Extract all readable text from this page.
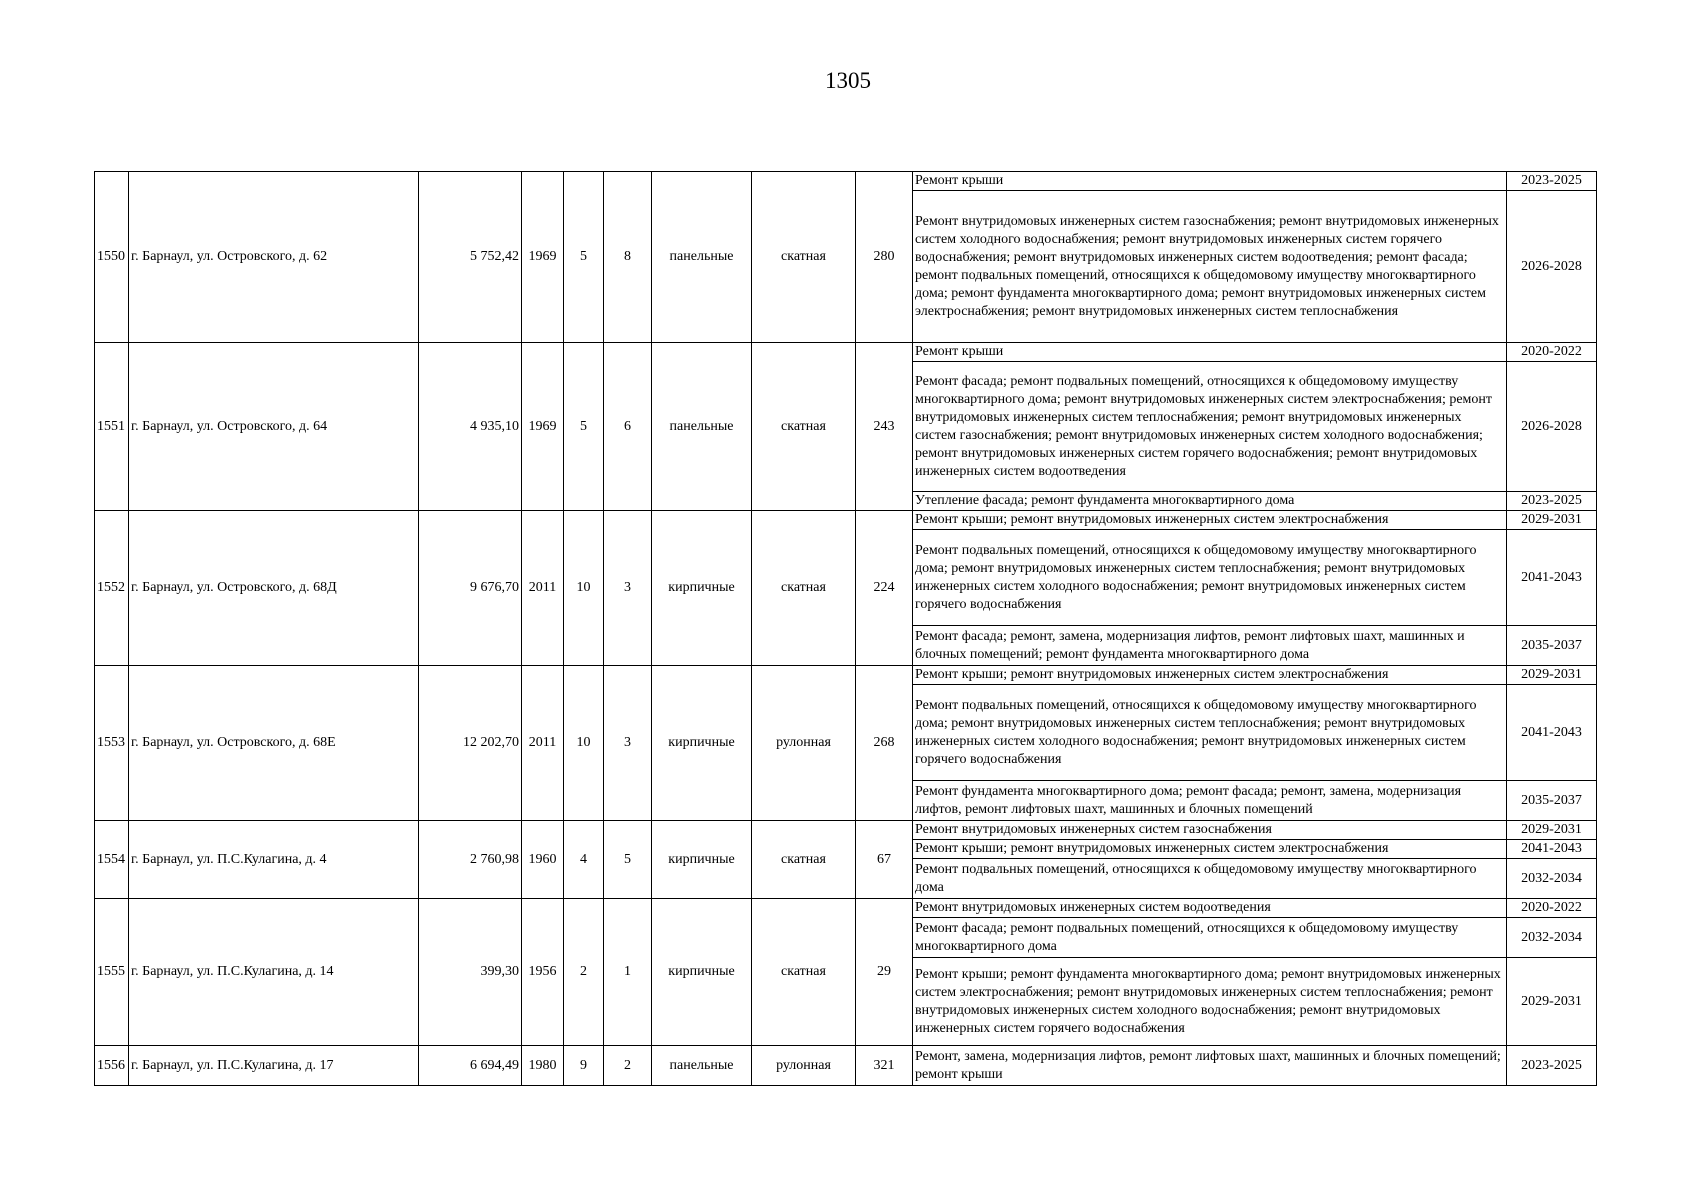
1305
1550	г. Барнаул, ул. Островского, д. 62	5 752,42	1969	5	8	панельные	скатная	280	Ремонт крыши	2023-2025
									Ремонт внутридомовых инженерных систем газоснабжения; ремонт внутридомовых инженерных систем холодного водоснабжения; ремонт внутридомовых инженерных систем горячего водоснабжения; ремонт внутридомовых инженерных систем водоотведения; ремонт фасада; ремонт подвальных помещений, относящихся к общедомовому имуществу многоквартирного дома; ремонт фундамента многоквартирного дома; ремонт внутридомовых инженерных систем электроснабжения; ремонт внутридомовых инженерных систем теплоснабжения	2026-2028
1551	г. Барнаул, ул. Островского, д. 64	4 935,10	1969	5	6	панельные	скатная	243	Ремонт крыши	2020-2022
									Ремонт фасада; ремонт подвальных помещений, относящихся к общедомовому имуществу многоквартирного дома; ремонт внутридомовых инженерных систем электроснабжения; ремонт внутридомовых инженерных систем теплоснабжения; ремонт внутридомовых инженерных систем газоснабжения; ремонт внутридомовых инженерных систем холодного водоснабжения; ремонт внутридомовых инженерных систем горячего водоснабжения; ремонт внутридомовых инженерных систем водоотведения	2026-2028
									Утепление фасада; ремонт фундамента многоквартирного дома	2023-2025
1552	г. Барнаул, ул. Островского, д. 68Д	9 676,70	2011	10	3	кирпичные	скатная	224	Ремонт крыши; ремонт внутридомовых инженерных систем электроснабжения	2029-2031
									Ремонт подвальных помещений, относящихся к общедомовому имуществу многоквартирного дома; ремонт внутридомовых инженерных систем теплоснабжения; ремонт внутридомовых инженерных систем холодного водоснабжения; ремонт внутридомовых инженерных систем горячего водоснабжения	2041-2043
									Ремонт фасада; ремонт, замена, модернизация лифтов, ремонт лифтовых шахт, машинных и блочных помещений; ремонт фундамента многоквартирного дома	2035-2037
1553	г. Барнаул, ул. Островского, д. 68Е	12 202,70	2011	10	3	кирпичные	рулонная	268	Ремонт крыши; ремонт внутридомовых инженерных систем электроснабжения	2029-2031
									Ремонт подвальных помещений, относящихся к общедомовому имуществу многоквартирного дома; ремонт внутридомовых инженерных систем теплоснабжения; ремонт внутридомовых инженерных систем холодного водоснабжения; ремонт внутридомовых инженерных систем горячего водоснабжения	2041-2043
									Ремонт фундамента многоквартирного дома; ремонт фасада; ремонт, замена, модернизация лифтов, ремонт лифтовых шахт, машинных и блочных помещений	2035-2037
1554	г. Барнаул, ул. П.С.Кулагина, д. 4	2 760,98	1960	4	5	кирпичные	скатная	67	Ремонт внутридомовых инженерных систем газоснабжения	2029-2031
									Ремонт крыши; ремонт внутридомовых инженерных систем электроснабжения	2041-2043
									Ремонт подвальных помещений, относящихся к общедомовому имуществу многоквартирного дома	2032-2034
1555	г. Барнаул, ул. П.С.Кулагина, д. 14	399,30	1956	2	1	кирпичные	скатная	29	Ремонт внутридомовых инженерных систем водоотведения	2020-2022
									Ремонт фасада; ремонт подвальных помещений, относящихся к общедомовому имуществу многоквартирного дома	2032-2034
									Ремонт крыши; ремонт фундамента многоквартирного дома; ремонт внутридомовых инженерных систем электроснабжения; ремонт внутридомовых инженерных систем теплоснабжения; ремонт внутридомовых инженерных систем холодного водоснабжения; ремонт внутридомовых инженерных систем горячего водоснабжения	2029-2031
1556	г. Барнаул, ул. П.С.Кулагина, д. 17	6 694,49	1980	9	2	панельные	рулонная	321	Ремонт, замена, модернизация лифтов, ремонт лифтовых шахт, машинных и блочных помещений; ремонт крыши	2023-2025
